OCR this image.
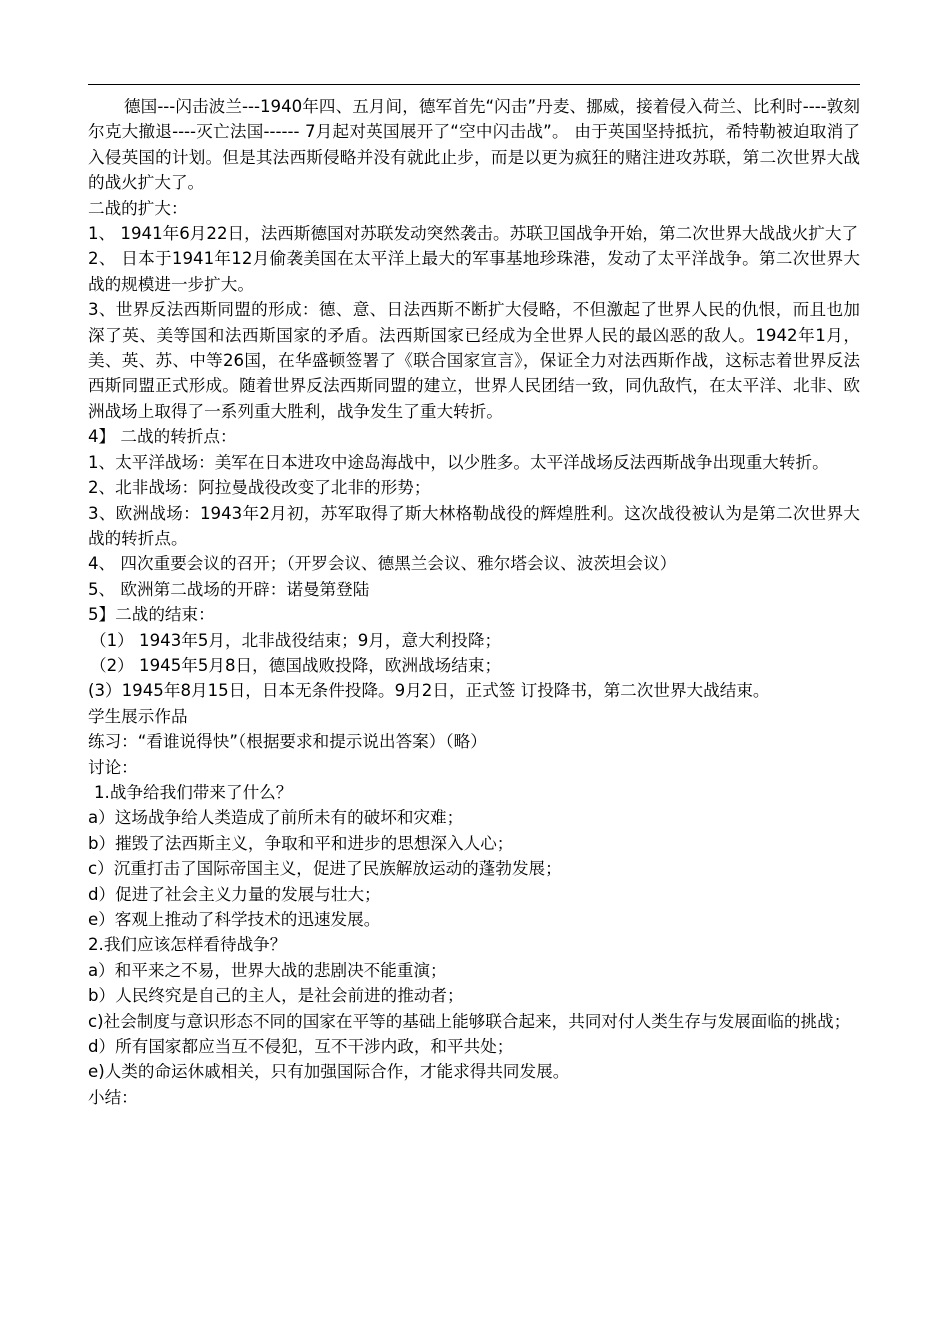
德国---闪击波兰---1940年四、五月间，德军首先“闪击”丹麦、挪威，接着侵入荷兰、比利时----敦刻尔克大撤退----灭亡法国------ 7月起对英国展开了“空中闪击战”。 由于英国坚持抵抗，希特勒被迫取消了入侵英国的计划。但是其法西斯侵略并没有就此止步，而是以更为疯狂的赌注进攻苏联，第二次世界大战的战火扩大了。

二战的扩大：

1、 1941年6月22日，法西斯德国对苏联发动突然袭击。苏联卫国战争开始，第二次世界大战战火扩大了

2、 日本于1941年12月偷袭美国在太平洋上最大的军事基地珍珠港，发动了太平洋战争。第二次世界大战的规模进一步扩大。

3、世界反法西斯同盟的形成：德、意、日法西斯不断扩大侵略，不但激起了世界人民的仇恨，而且也加深了英、美等国和法西斯国家的矛盾。法西斯国家已经成为全世界人民的最凶恶的敌人。1942年1月，美、英、苏、中等26国，在华盛顿签署了《联合国家宣言》，保证全力对法西斯作战，这标志着世界反法西斯同盟正式形成。随着世界反法西斯同盟的建立，世界人民团结一致，同仇敌忾，在太平洋、北非、欧洲战场上取得了一系列重大胜利，战争发生了重大转折。

4】 二战的转折点：

1、太平洋战场：美军在日本进攻中途岛海战中，以少胜多。太平洋战场反法西斯战争出现重大转折。

2、北非战场：阿拉曼战役改变了北非的形势；

3、欧洲战场：1943年2月初，苏军取得了斯大林格勒战役的辉煌胜利。这次战役被认为是第二次世界大战的转折点。

4、 四次重要会议的召开；（开罗会议、德黑兰会议、雅尔塔会议、波茨坦会议）

5、 欧洲第二战场的开辟：诺曼第登陆

5】二战的结束：

（1） 1943年5月，北非战役结束；9月，意大利投降；

（2） 1945年5月8日，德国战败投降，欧洲战场结束；

(3）1945年8月15日，日本无条件投降。9月2日，正式签 订投降书，第二次世界大战结束。

学生展示作品

练习：“看谁说得快”（根据要求和提示说出答案）（略）

讨论：

1.战争给我们带来了什么？

a）这场战争给人类造成了前所未有的破坏和灾难；

b）摧毁了法西斯主义，争取和平和进步的思想深入人心；

c）沉重打击了国际帝国主义，促进了民族解放运动的蓬勃发展；

d）促进了社会主义力量的发展与壮大；

e）客观上推动了科学技术的迅速发展。

2.我们应该怎样看待战争？

a）和平来之不易，世界大战的悲剧决不能重演；

b）人民终究是自己的主人，是社会前进的推动者；

c)社会制度与意识形态不同的国家在平等的基础上能够联合起来，共同对付人类生存与发展面临的挑战；

d）所有国家都应当互不侵犯，互不干涉内政，和平共处；

e)人类的命运休戚相关，只有加强国际合作，才能求得共同发展。

小结：
